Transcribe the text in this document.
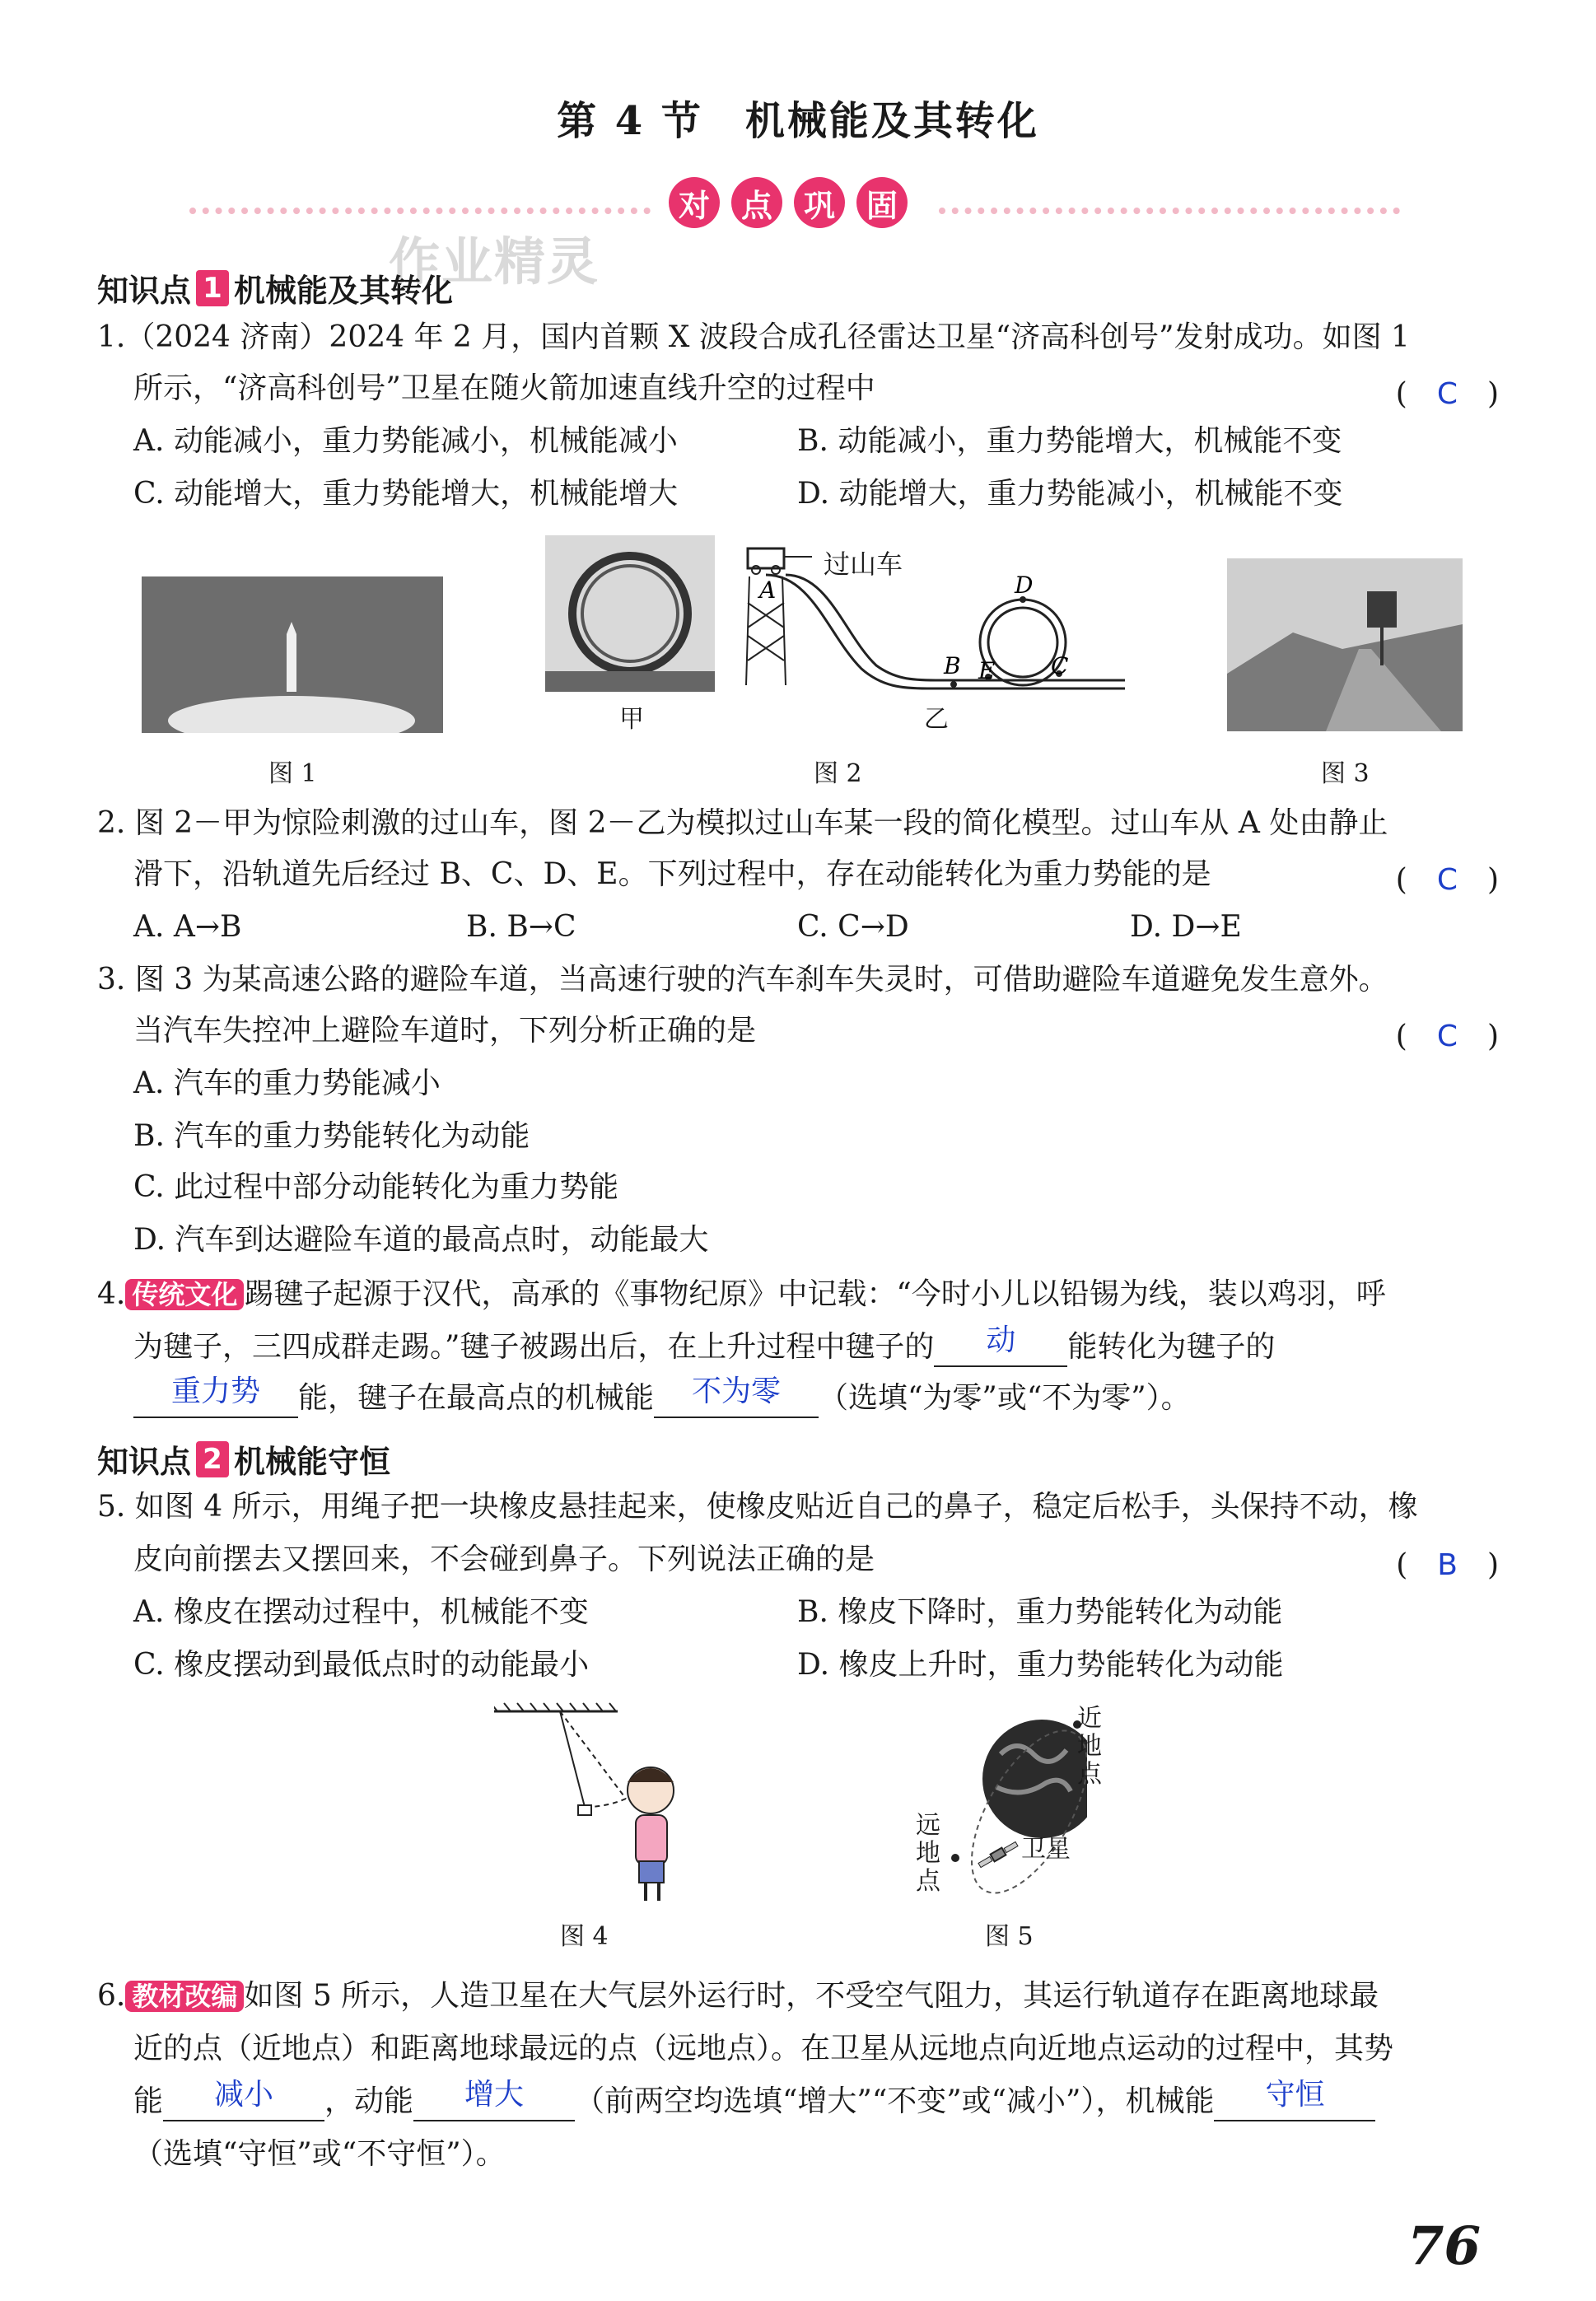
第 4 节　机械能及其转化
对 点 巩 固
作业精灵
知识点 1 机械能及其转化
1.（2024 济南）2024 年 2 月，国内首颗 X 波段合成孔径雷达卫星“济高科创号”发射成功。如图 1
所示，“济高科创号”卫星在随火箭加速直线升空的过程中	(　C　)
A. 动能减小，重力势能减小，机械能减小	B. 动能减小，重力势能增大，机械能不变
C. 动能增大，重力势能增大，机械能增大	D. 动能增大，重力势能减小，机械能不变
图 1
甲
A
B
D
E C
过山车
乙
图 2	图 3
2. 图 2－甲为惊险刺激的过山车，图 2－乙为模拟过山车某一段的简化模型。过山车从 A 处由静止
滑下，沿轨道先后经过 B、C、D、E。下列过程中，存在动能转化为重力势能的是	(　C　)
A. A→B	B. B→C	C. C→D	D. D→E
3. 图 3 为某高速公路的避险车道，当高速行驶的汽车刹车失灵时，可借助避险车道避免发生意外。
当汽车失控冲上避险车道时，下列分析正确的是	(　C　)
A. 汽车的重力势能减小
B. 汽车的重力势能转化为动能
C. 此过程中部分动能转化为重力势能
D. 汽车到达避险车道的最高点时，动能最大
4. 传统文化 踢毽子起源于汉代，高承的《事物纪原》中记载：“今时小儿以铅锡为线，装以鸡羽，呼
为毽子，三四成群走踢。”毽子被踢出后，在上升过程中毽子的 动 能转化为毽子的
重力势 能，毽子在最高点的机械能 不为零 （选填“为零”或“不为零”）。
知识点 2 机械能守恒
5. 如图 4 所示，用绳子把一块橡皮悬挂起来，使橡皮贴近自己的鼻子，稳定后松手，头保持不动，橡
皮向前摆去又摆回来，不会碰到鼻子。下列说法正确的是	(　B　)
A. 橡皮在摆动过程中，机械能不变	B. 橡皮下降时，重力势能转化为动能
C. 橡皮摆动到最低点时的动能最小	D. 橡皮上升时，重力势能转化为动能
图 4
近
地
点
远
地
点
卫星
图 5
6. 教材改编 如图 5 所示，人造卫星在大气层外运行时，不受空气阻力，其运行轨道存在距离地球最
近的点（近地点）和距离地球最远的点（远地点）。在卫星从远地点向近地点运动的过程中，其势
能 减小 ，动能 增大 （前两空均选填“增大”“不变”或“减小”），机械能 守恒
（选填“守恒”或“不守恒”）。
76
